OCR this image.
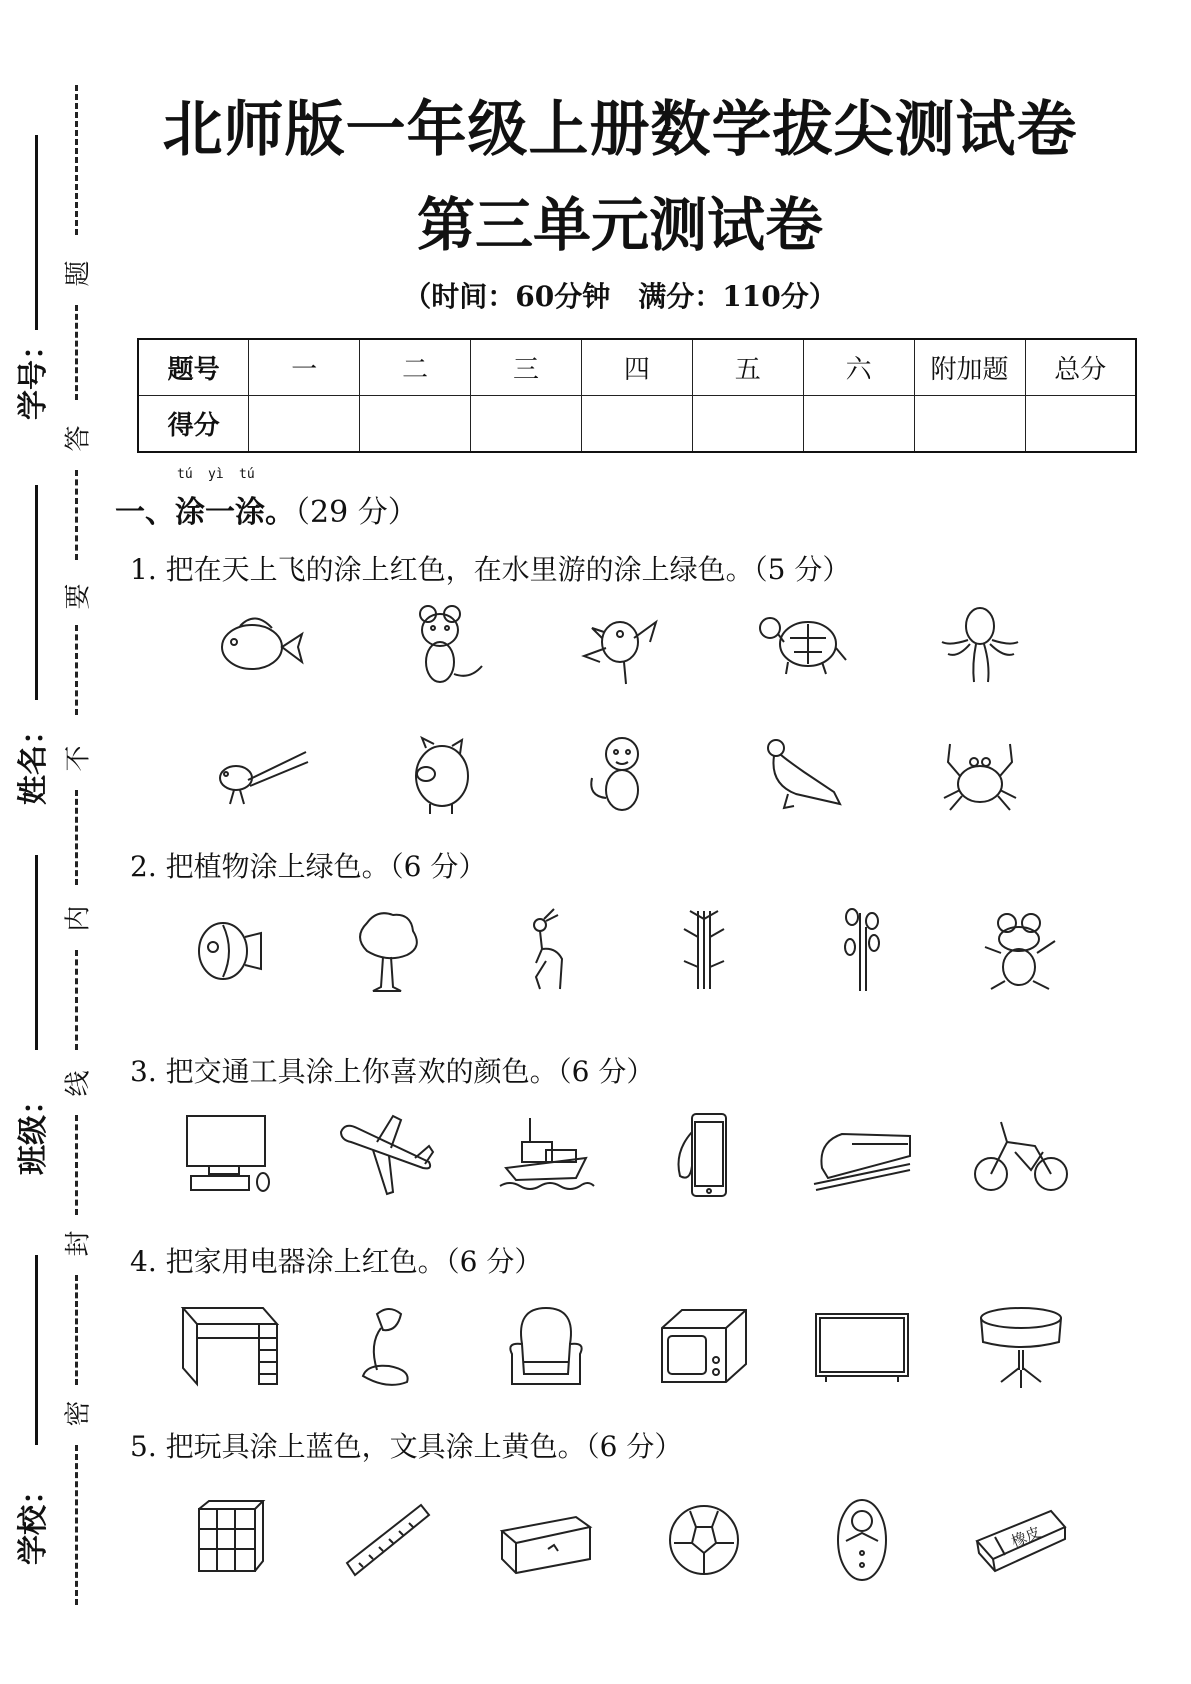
学号：
姓名：
班级：
学校：
题
答
要
不
内
线
封
密
北师版一年级上册数学拔尖测试卷
第三单元测试卷
（时间：60分钟　满分：110分）
题号	一	二	三	四	五	六	附加题	总分
得分								
tú yì tú
一、涂一涂。（29 分）
1. 把在天上飞的涂上红色，在水里游的涂上绿色。（5 分）
2. 把植物涂上绿色。（6 分）
3. 把交通工具涂上你喜欢的颜色。（6 分）
4. 把家用电器涂上红色。（6 分）
5. 把玩具涂上蓝色，文具涂上黄色。（6 分）
橡皮
